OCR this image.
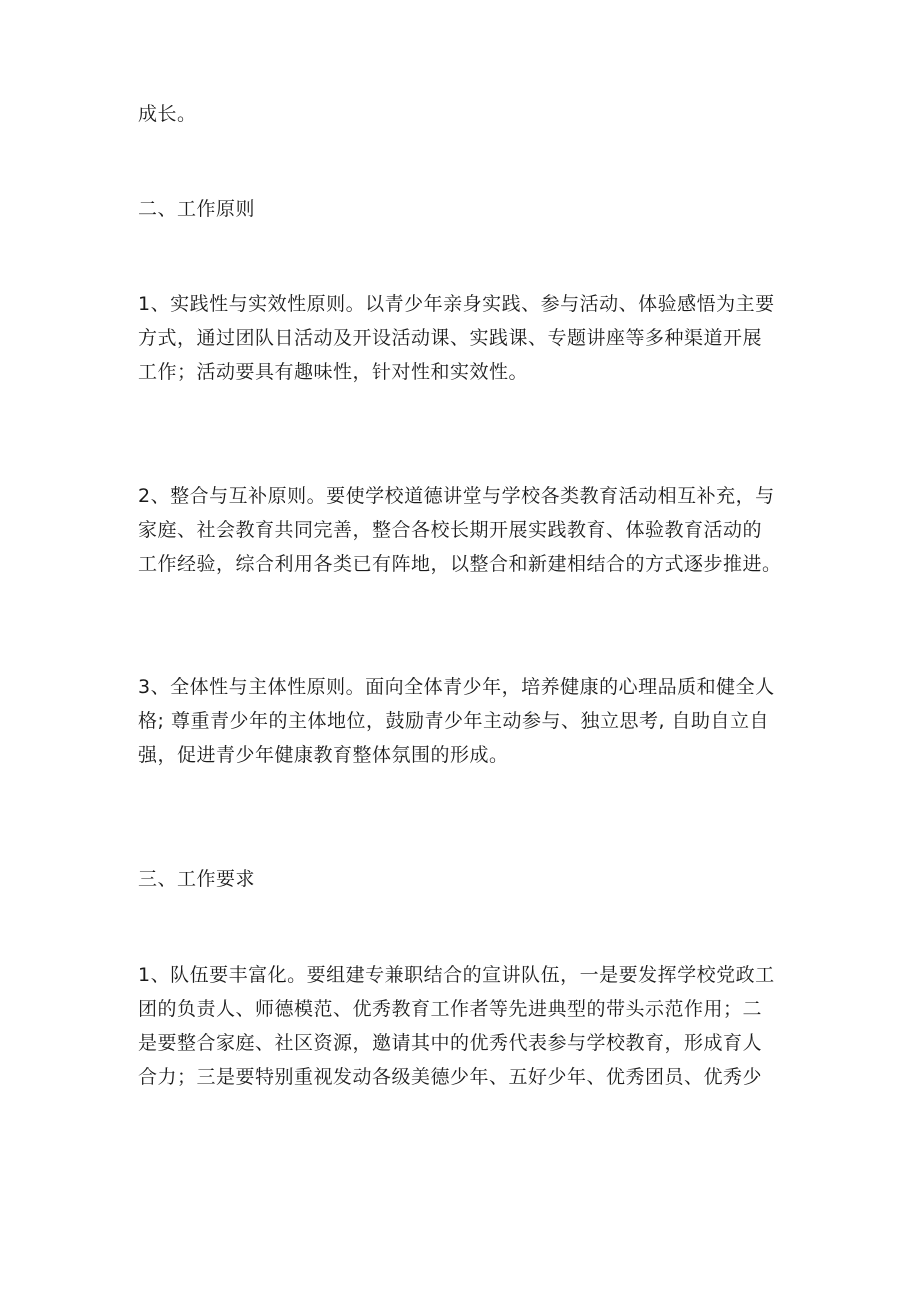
成长。
二、工作原则
1、实践性与实效性原则。以青少年亲身实践、参与活动、体验感悟为主要
方式，通过团队日活动及开设活动课、实践课、专题讲座等多种渠道开展
工作；活动要具有趣味性，针对性和实效性。
2、整合与互补原则。要使学校道德讲堂与学校各类教育活动相互补充，与
家庭、社会教育共同完善，整合各校长期开展实践教育、体验教育活动的
工作经验，综合利用各类已有阵地，以整合和新建相结合的方式逐步推进。
3、全体性与主体性原则。面向全体青少年，培养健康的心理品质和健全人
格; 尊重青少年的主体地位，鼓励青少年主动参与、独立思考, 自助自立自
强，促进青少年健康教育整体氛围的形成。
三、工作要求
1、队伍要丰富化。要组建专兼职结合的宣讲队伍，一是要发挥学校党政工
团的负责人、师德模范、优秀教育工作者等先进典型的带头示范作用；二
是要整合家庭、社区资源，邀请其中的优秀代表参与学校教育，形成育人
合力；三是要特别重视发动各级美德少年、五好少年、优秀团员、优秀少
